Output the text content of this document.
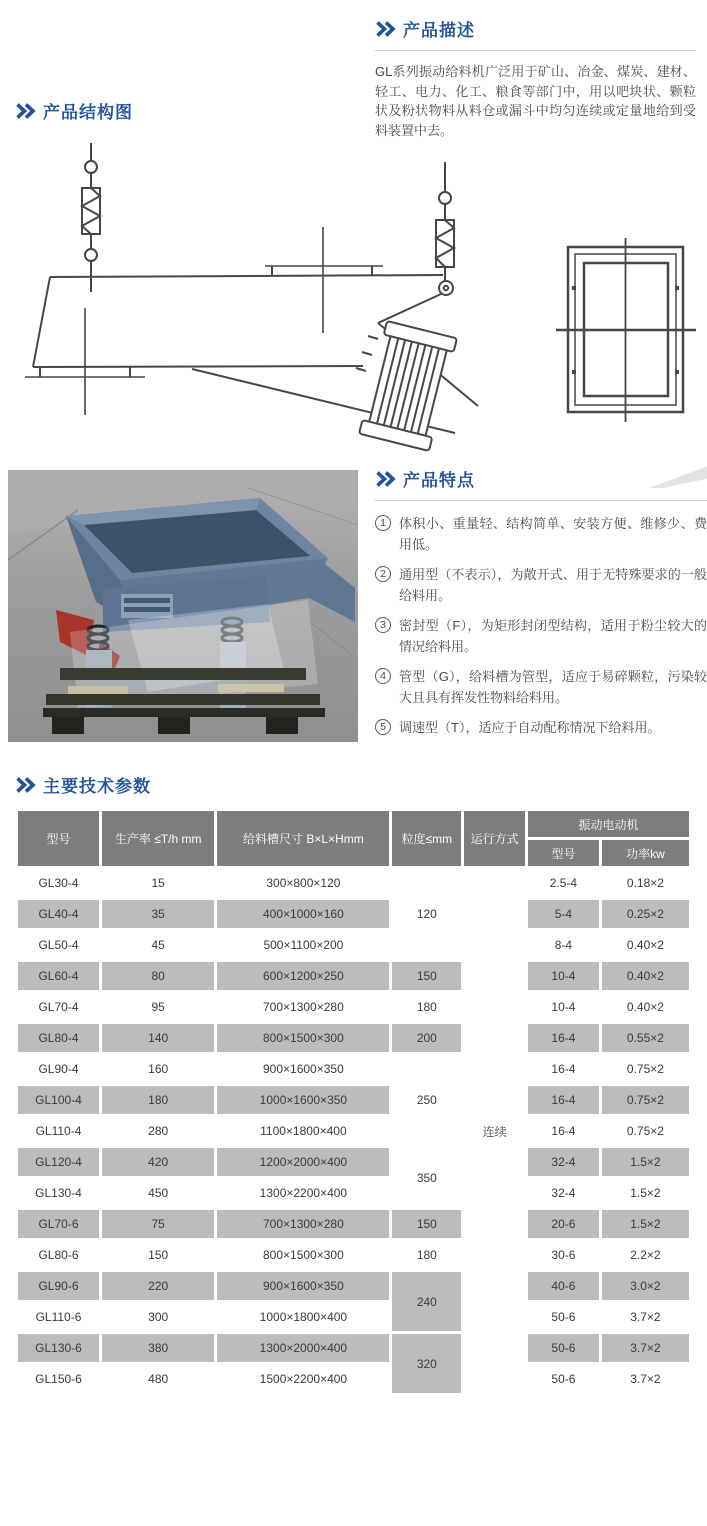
产品描述

GL系列振动给料机广泛用于矿山、冶金、煤炭、建材、轻工、电力、化工、粮食等部门中，用以吧块状、颗粒状及粉状物料从料仓或漏斗中均匀连续或定量地给到受料装置中去。

产品结构图
产品特点
1	体积小、重量轻、结构简单、安装方便、维修少、费用低。
2	通用型（不表示），为敞开式、用于无特殊要求的一般给料用。
3	密封型（F），为矩形封闭型结构，适用于粉尘较大的情况给料用。
4	管型（G），给料槽为管型，适应于易碎颗粒，污染较大且具有挥发性物料给料用。
5	调速型（T），适应于自动配称情况下给料用。
主要技术参数
型号	生产率 ≤T/h mm	给料槽尺寸 B×L×Hmm	粒度≤mm	运行方式	振动电动机	
					型号	功率kw
GL30-4	15	300×800×120	120	连续	2.5-4	0.18×2
GL40-4	35	400×1000×160			5-4	0.25×2
GL50-4	45	500×1100×200			8-4	0.40×2
GL60-4	80	600×1200×250	150		10-4	0.40×2
GL70-4	95	700×1300×280	180		10-4	0.40×2
GL80-4	140	800×1500×300	200		16-4	0.55×2
GL90-4	160	900×1600×350	250		16-4	0.75×2
GL100-4	180	1000×1600×350			16-4	0.75×2
GL110-4	280	1100×1800×400			16-4	0.75×2
GL120-4	420	1200×2000×400	350		32-4	1.5×2
GL130-4	450	1300×2200×400			32-4	1.5×2
GL70-6	75	700×1300×280	150		20-6	1.5×2
GL80-6	150	800×1500×300	180		30-6	2.2×2
GL90-6	220	900×1600×350	240		40-6	3.0×2
GL110-6	300	1000×1800×400			50-6	3.7×2
GL130-6	380	1300×2000×400	320		50-6	3.7×2
GL150-6	480	1500×2200×400			50-6	3.7×2
